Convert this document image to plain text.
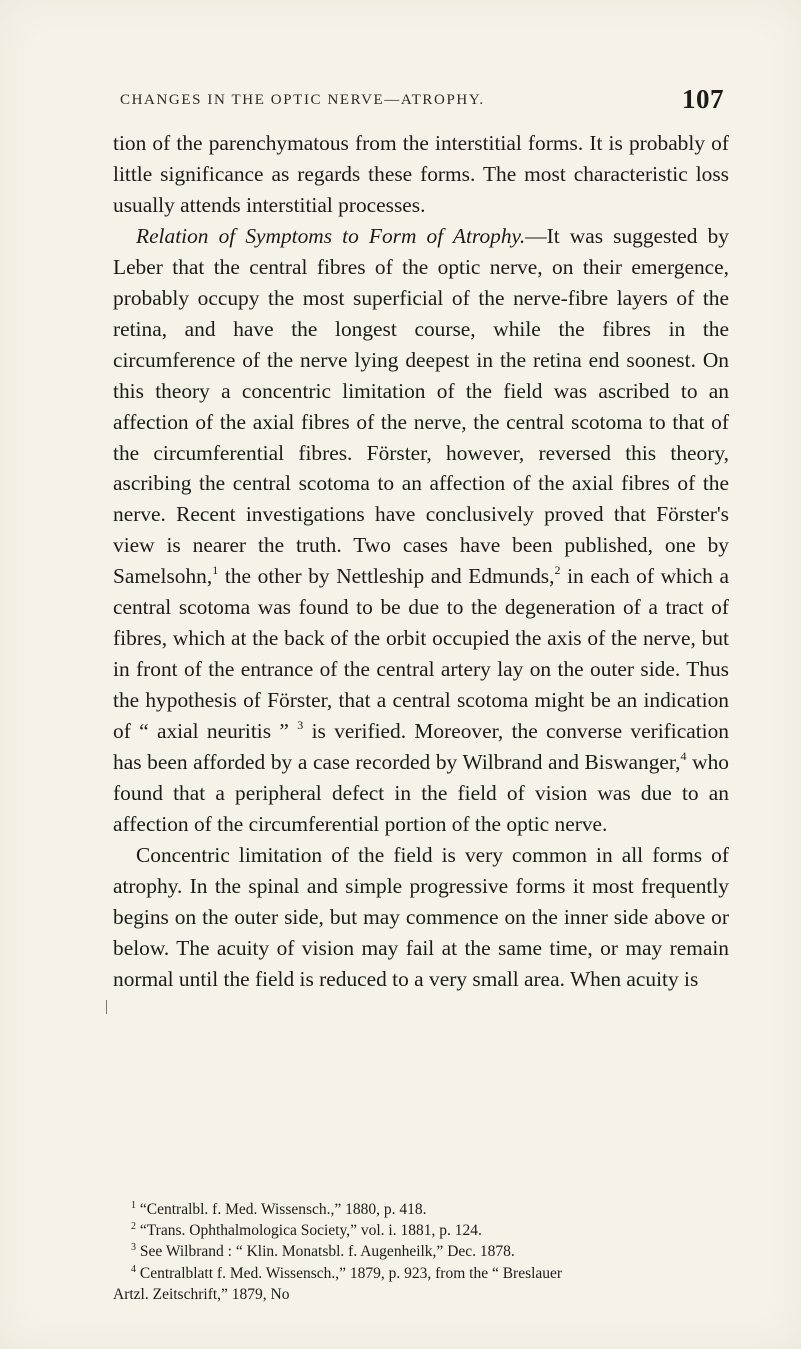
CHANGES IN THE OPTIC NERVE—ATROPHY.	107

tion of the parenchymatous from the interstitial forms. It is probably of little significance as regards these forms. The most characteristic loss usually attends interstitial processes.

Relation of Symptoms to Form of Atrophy.—It was suggested by Leber that the central fibres of the optic nerve, on their emergence, probably occupy the most superficial of the nerve-fibre layers of the retina, and have the longest course, while the fibres in the circumference of the nerve lying deepest in the retina end soonest. On this theory a concentric limitation of the field was ascribed to an affection of the axial fibres of the nerve, the central scotoma to that of the circumferential fibres. Förster, however, reversed this theory, ascribing the central scotoma to an affection of the axial fibres of the nerve. Recent investigations have conclusively proved that Förster's view is nearer the truth. Two cases have been published, one by Samelsohn,$^1$ the other by Nettleship and Edmunds,$^2$ in each of which a central scotoma was found to be due to the degeneration of a tract of fibres, which at the back of the orbit occupied the axis of the nerve, but in front of the entrance of the central artery lay on the outer side. Thus the hypothesis of Förster, that a central scotoma might be an indication of “ axial neuritis ” $^3$ is verified. Moreover, the converse verification has been afforded by a case recorded by Wilbrand and Biswanger,$^4$ who found that a peripheral defect in the field of vision was due to an affection of the circumferential portion of the optic nerve.

Concentric limitation of the field is very common in all forms of atrophy. In the spinal and simple progressive forms it most frequently begins on the outer side, but may commence on the inner side above or below. The acuity of vision may fail at the same time, or may remain normal until the field is reduced to a very small area. When acuity is

$^1$ “Centralbl. f. Med. Wissensch.,” 1880, p. 418.

$^2$ “Trans. Ophthalmologica Society,” vol. i. 1881, p. 124.

$^3$ See Wilbrand : “ Klin. Monatsbl. f. Augenheilk,” Dec. 1878.

$^4$ Centralblatt f. Med. Wissensch.,” 1879, p. 923, from the “ Breslauer

Artzl. Zeitschrift,” 1879, No
